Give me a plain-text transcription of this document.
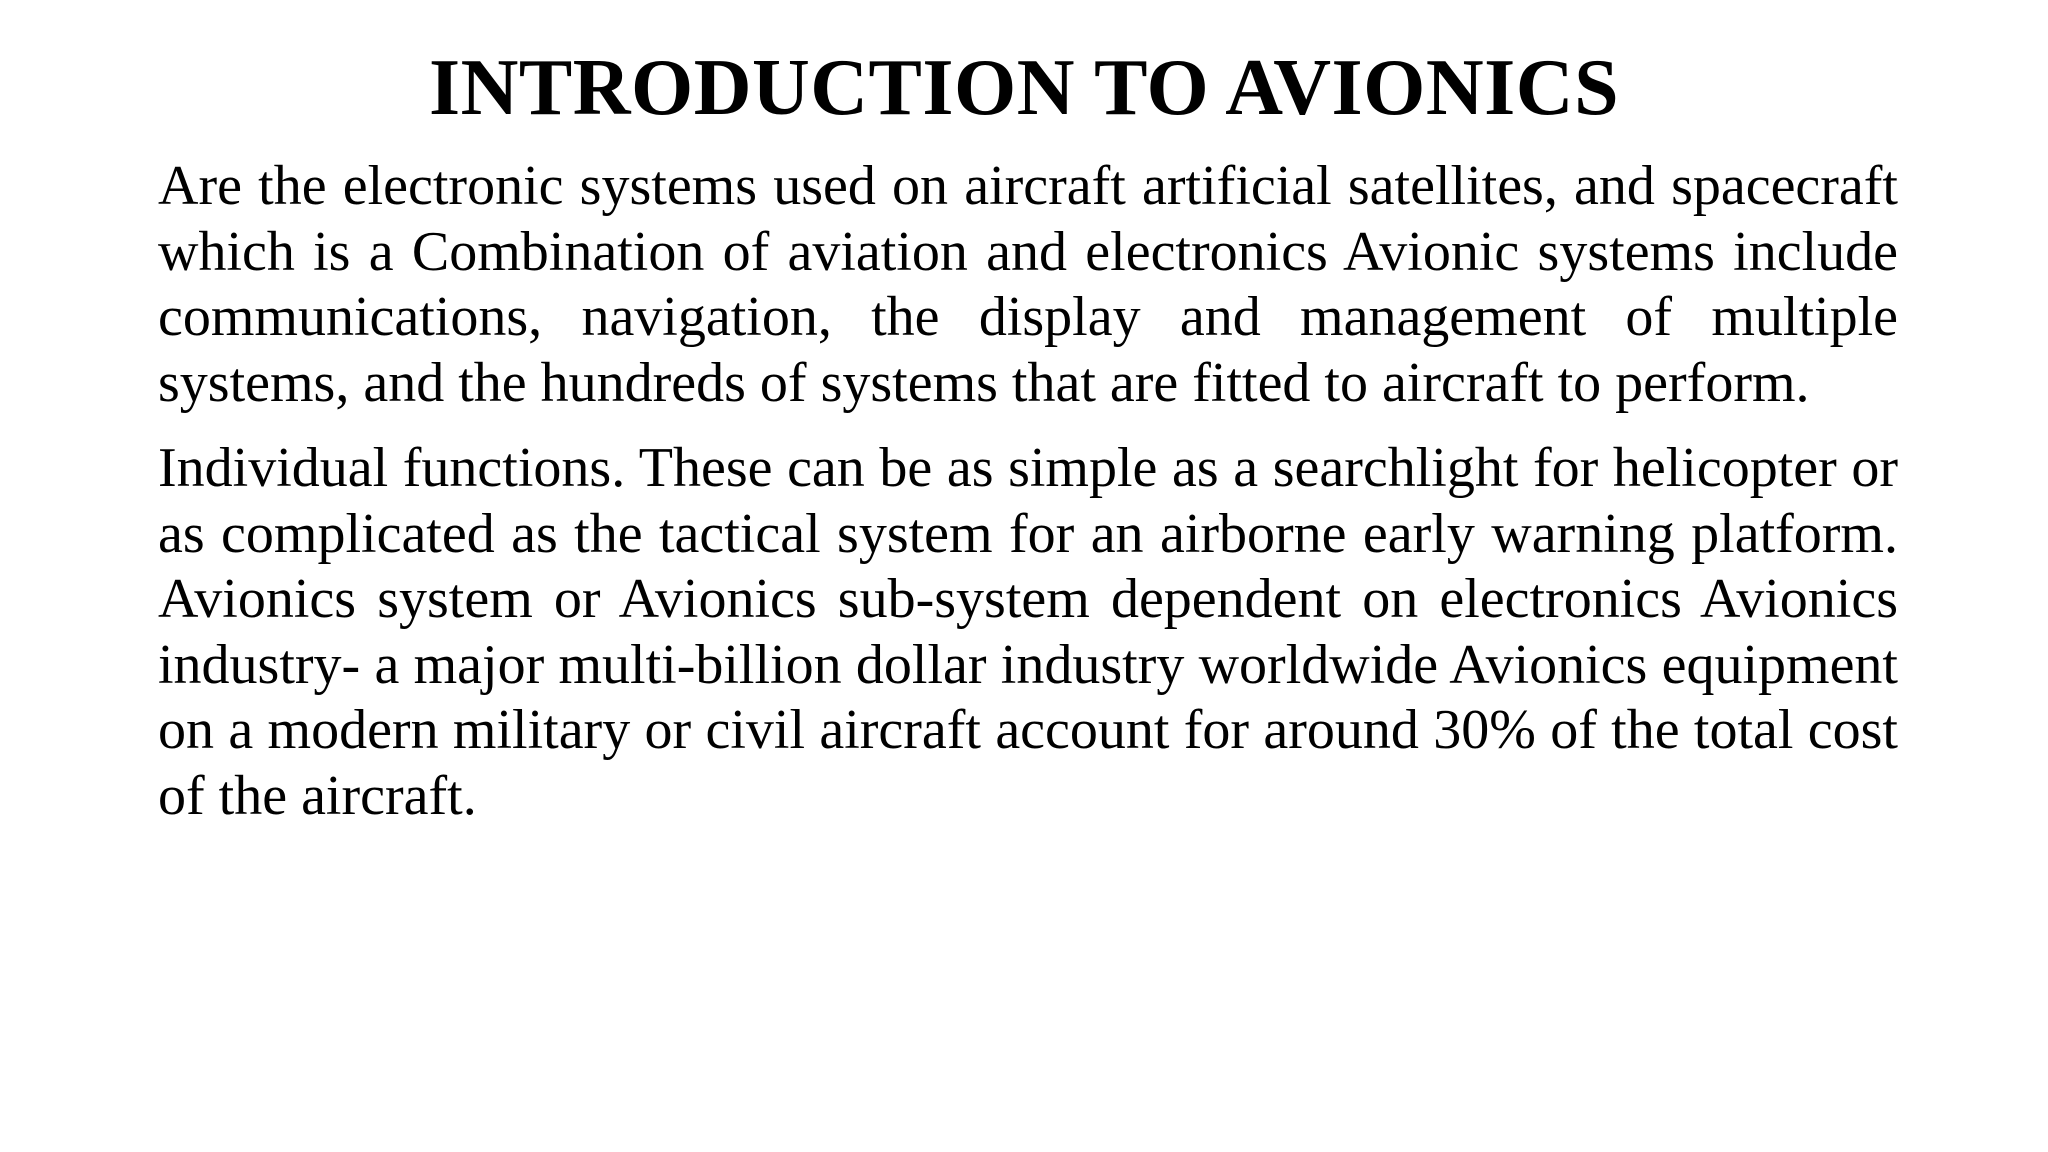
INTRODUCTION TO AVIONICS

Are the electronic systems used on aircraft artificial satellites, and spacecraft which is a Combination of aviation and electronics Avionic systems include communications, navigation, the display and management of multiple systems, and the hundreds of systems that are fitted to aircraft to perform.

Individual functions. These can be as simple as a searchlight for helicopter or as complicated as the tactical system for an airborne early warning platform. Avionics system or Avionics sub-system dependent on electronics Avionics industry- a major multi-billion dollar industry worldwide Avionics equipment on a modern military or civil aircraft account for around 30% of the total cost of the aircraft.
